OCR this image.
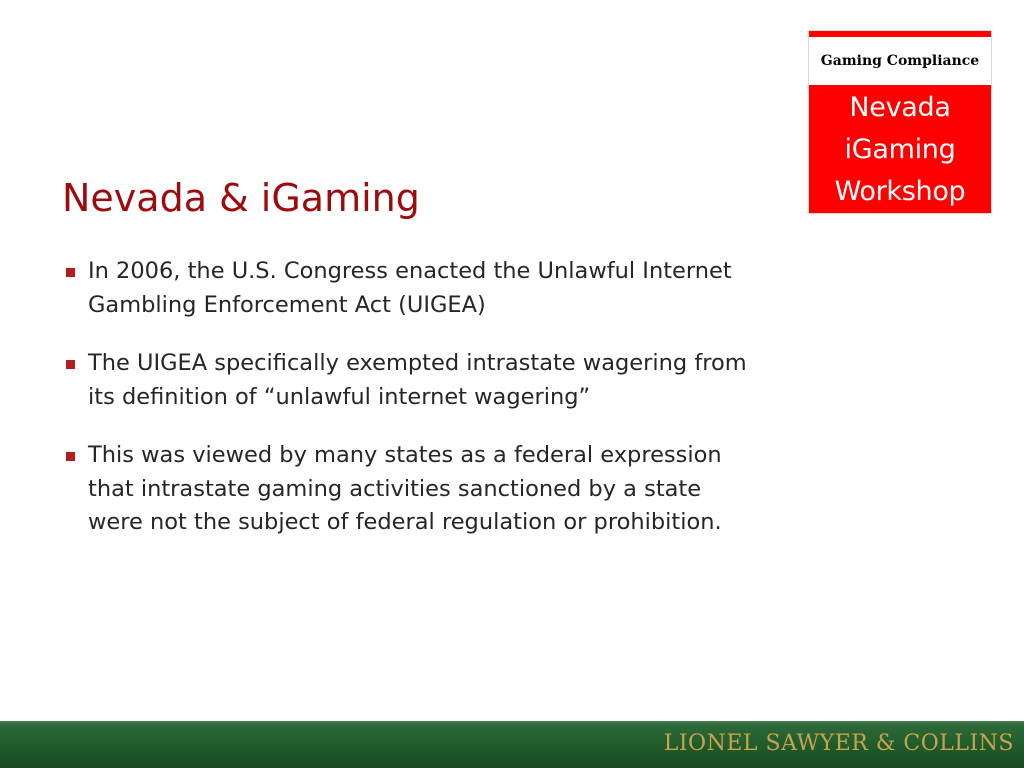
Gaming Compliance
Nevada
iGaming
Workshop
Nevada & iGaming
In 2006, the U.S. Congress enacted the Unlawful Internet Gambling Enforcement Act (UIGEA)
The UIGEA specifically exempted intrastate wagering from its definition of “unlawful internet wagering”
This was viewed by many states as a federal expression that intrastate gaming activities sanctioned by a state were not the subject of federal regulation or prohibition.
LIONEL SAWYER & COLLINS
